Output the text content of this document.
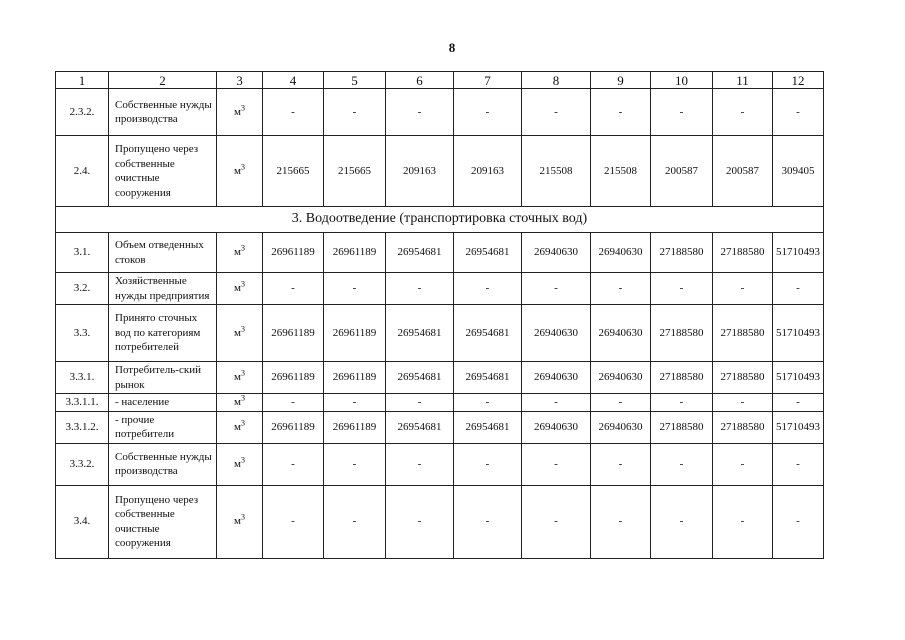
8
1	2	3	4	5	6	7	8	9	10	11	12
2.3.2.	Собственные нужды производства	$м^3$	-	-	-	-	-	-	-	-	-
2.4.	Пропущено через собственные очистные сооружения	$м^3$	215665	215665	209163	209163	215508	215508	200587	200587	309405
3. Водоотведение (транспортировка сточных вод)											
3.1.	Объем отведенных стоков	$м^3$	26961189	26961189	26954681	26954681	26940630	26940630	27188580	27188580	51710493
3.2.	Хозяйственные нужды предприятия	$м^3$	-	-	-	-	-	-	-	-	-
3.3.	Принято сточных вод по категориям потребителей	$м^3$	26961189	26961189	26954681	26954681	26940630	26940630	27188580	27188580	51710493
3.3.1.	Потребитель-ский рынок	$м^3$	26961189	26961189	26954681	26954681	26940630	26940630	27188580	27188580	51710493
3.3.1.1.	- население	$м^3$	-	-	-	-	-	-	-	-	-
3.3.1.2.	- прочие потребители	$м^3$	26961189	26961189	26954681	26954681	26940630	26940630	27188580	27188580	51710493
3.3.2.	Собственные нужды производства	$м^3$	-	-	-	-	-	-	-	-	-
3.4.	Пропущено через собственные очистные сооружения	$м^3$	-	-	-	-	-	-	-	-	-
